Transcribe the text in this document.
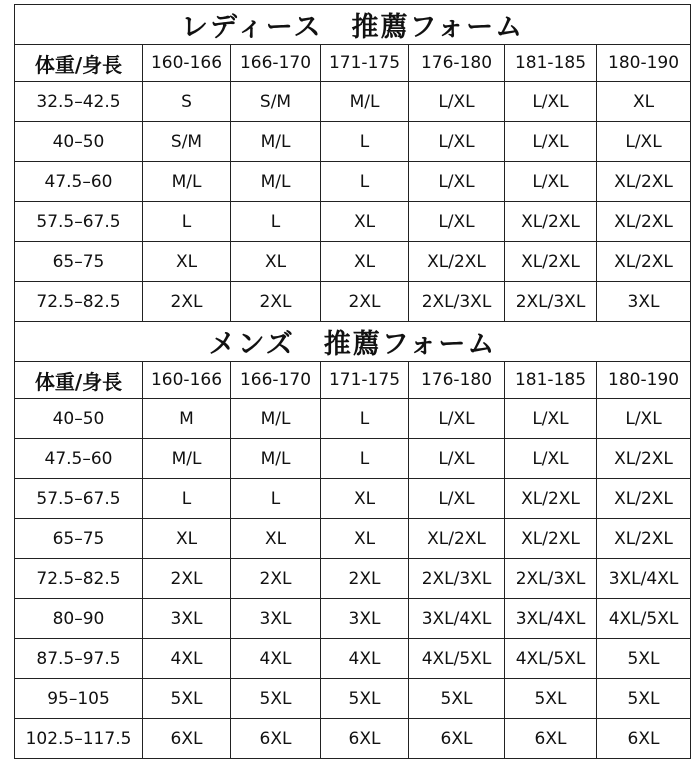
レディース　推薦フォーム						
体重/身長	160-166	166-170	171-175	176-180	181-185	180-190
32.5–42.5	S	S/M	M/L	L/XL	L/XL	XL
40–50	S/M	M/L	L	L/XL	L/XL	L/XL
47.5–60	M/L	M/L	L	L/XL	L/XL	XL/2XL
57.5–67.5	L	L	XL	L/XL	XL/2XL	XL/2XL
65–75	XL	XL	XL	XL/2XL	XL/2XL	XL/2XL
72.5–82.5	2XL	2XL	2XL	2XL/3XL	2XL/3XL	3XL
メンズ　推薦フォーム						
体重/身長	160-166	166-170	171-175	176-180	181-185	180-190
40–50	M	M/L	L	L/XL	L/XL	L/XL
47.5–60	M/L	M/L	L	L/XL	L/XL	XL/2XL
57.5–67.5	L	L	XL	L/XL	XL/2XL	XL/2XL
65–75	XL	XL	XL	XL/2XL	XL/2XL	XL/2XL
72.5–82.5	2XL	2XL	2XL	2XL/3XL	2XL/3XL	3XL/4XL
80–90	3XL	3XL	3XL	3XL/4XL	3XL/4XL	4XL/5XL
87.5–97.5	4XL	4XL	4XL	4XL/5XL	4XL/5XL	5XL
95–105	5XL	5XL	5XL	5XL	5XL	5XL
102.5–117.5	6XL	6XL	6XL	6XL	6XL	6XL
